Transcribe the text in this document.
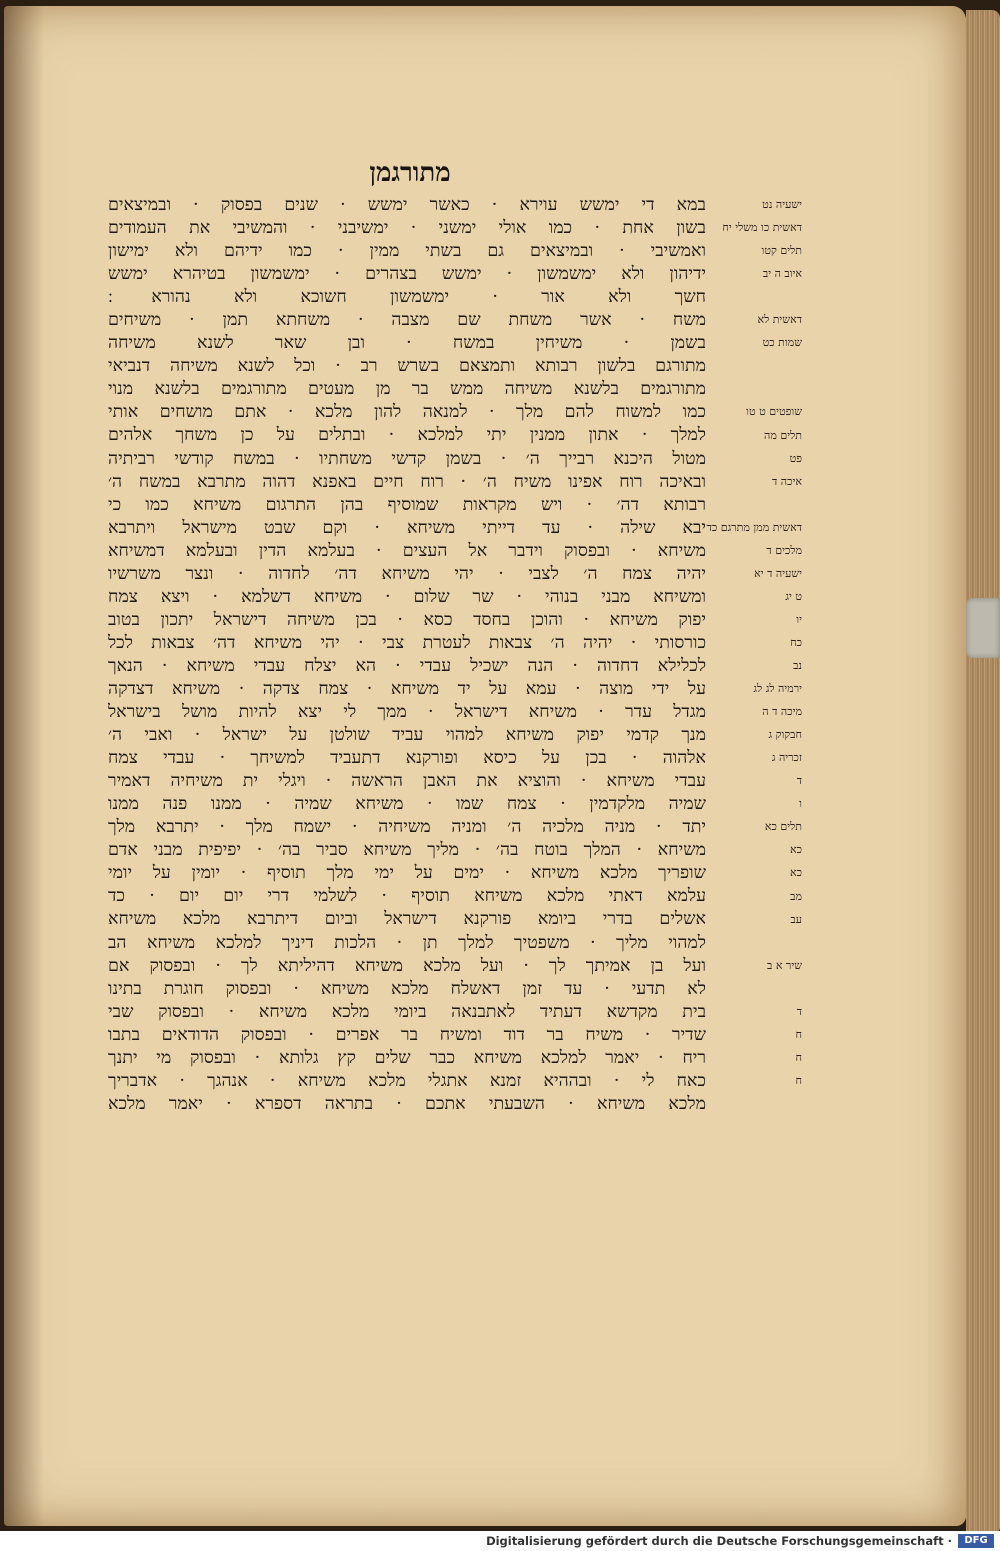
מתורגמן
במא די ימשש עוירא · כאשר ימשש · שנים בפסוק · ובמיצאים
בשון אחת · כמו אולי ימשני · ימשיבני · והמשיבי את העמודים
ואמשיבי · ובמיצאים גם בשתי ממין · כמו ידיהם ולא ימישון
ידיהון ולא ימשמשון · ימשש בצהרים · ימשמשון בטיהרא ימשש
חשך ולא אור · ימשמשון חשוכא ולא נהורא ׃
משח · אשר משחת שם מצבה · משחתא תמן · משיחים
בשמן · משיחין במשח · ובן שאר לשנא משיחה
מתורגם בלשון רבותא ותמצאם בשרש רב · וכל לשנא משיחה דנביאי
מתורגמים בלשנא משיחה ממש בר מן מעטים מתורגמים בלשנא מנוי
כמו למשוח להם מלך · למנאה להון מלכא · אתם מושחים אותי
למלך · אתון ממנין יתי למלכא · ובתלים על כן משחך אלהים
מטול היכנא רבייך ה׳ · בשמן קדשי משחתיו · במשח קודשי רביתיה
ובאיכה רוח אפינו משיח ה׳ · רוח חיים באפנא דהוה מתרבא במשח ה׳
רבותא דה׳ · ויש מקראות שמוסיף בהן התרגום משיחא כמו כי
יבא שילה · עד דייתי משיחא · וקם שבט מישראל ויתרבא
משיחא · ובפסוק וידבר אל העצים · בעלמא הדין ובעלמא דמשיחא
יהיה צמח ה׳ לצבי · יהי משיחא דה׳ לחדוה · ונצר משרשיו
ומשיחא מבני בנוהי · שר שלום · משיחא דשלמא · ויצא צמח
יפוק משיחא · והוכן בחסד כסא · בכן משיחה דישראל יתכון בטוב
כורסותי · יהיה ה׳ צבאות לעטרת צבי · יהי משיחא דה׳ צבאות לכל
לכלילא דחדוה · הנה ישכיל עבדי · הא יצלח עבדי משיחא · הנאך
על ידי מוצה · עמא על יד משיחא · צמח צדקה · משיחא דצדקה
מגדל עדר · משיחא דישראל · ממך לי יצא להיות מושל בישראל
מנך קדמי יפוק משיחא למהוי עביד שולטן על ישראל · ואבי ה׳
אלהוה · בכן על כיסא ופורקנא דתעביד למשיחך · עבדי צמח
עבדי משיחא · והוציא את האבן הראשה · ויגלי ית משיחיה דאמיר
שמיה מלקדמין · צמח שמו · משיחא שמיה · ממנו פנה ממנו
יתד · מניה מלכיה ה׳ ומניה משיחיה · ישמח מלך · יתרבא מלך
משיחא · המלך בוטח בה׳ · מליך משיחא סביר בה׳ · יפיפית מבני אדם
שופריך מלכא משיחא · ימים על ימי מלך תוסיף · יומין על יומי
עלמא דאתי מלכא משיחא תוסיף · לשלמי דרי יום יום · כד
אשלים בדרי ביומא פורקנא דישראל וביום דיתרבא מלכא משיחא
למהוי מליך · משפטיך למלך תן · הלכות דיניך למלכא משיחא הב
ועל בן אמיתך לך · ועל מלכא משיחא דהיליתא לך · ובפסוק אם
לא תדעי · עד זמן דאשלח מלכא משיחא · ובפסוק חוגרת בתינו
בית מקדשא דעתיד לאתבנאה ביומי מלכא משיחא · ובפסוק שבי
שדיר · משיח בר דוד ומשיח בר אפרים · ובפסוק הדודאים בתבו
ריח · יאמר למלכא משיחא כבר שלים קץ גלותא · ובפסוק מי יתנך
כאח לי · ובההיא זמנא אתגלי מלכא משיחא · אנהגך · אדבריך
מלכא משיחא · השבעתי אתכם · בתראה דספרא · יאמר מלכא
ישעיה נט
דאשית כו משלי יח
תלים קטו
איוב ה יב
דאשית לא
שמות כט
שופטים ט טו
תלים מה
פט
איכה ד
דאשית ממן מתרגם כד
מלכים ד
ישעיה ד יא
ט יג
יו
כח
נב
ירמיה לג לג
מיכה ד ה
חבקוק ג
זכריה ג
ד
ו
תלים כא
כא
כא
מב
עב
שיר א ב
ד
ח
ח
ח
Digitalisierung gefördert durch die Deutsche Forschungsgemeinschaft ·	DFG
